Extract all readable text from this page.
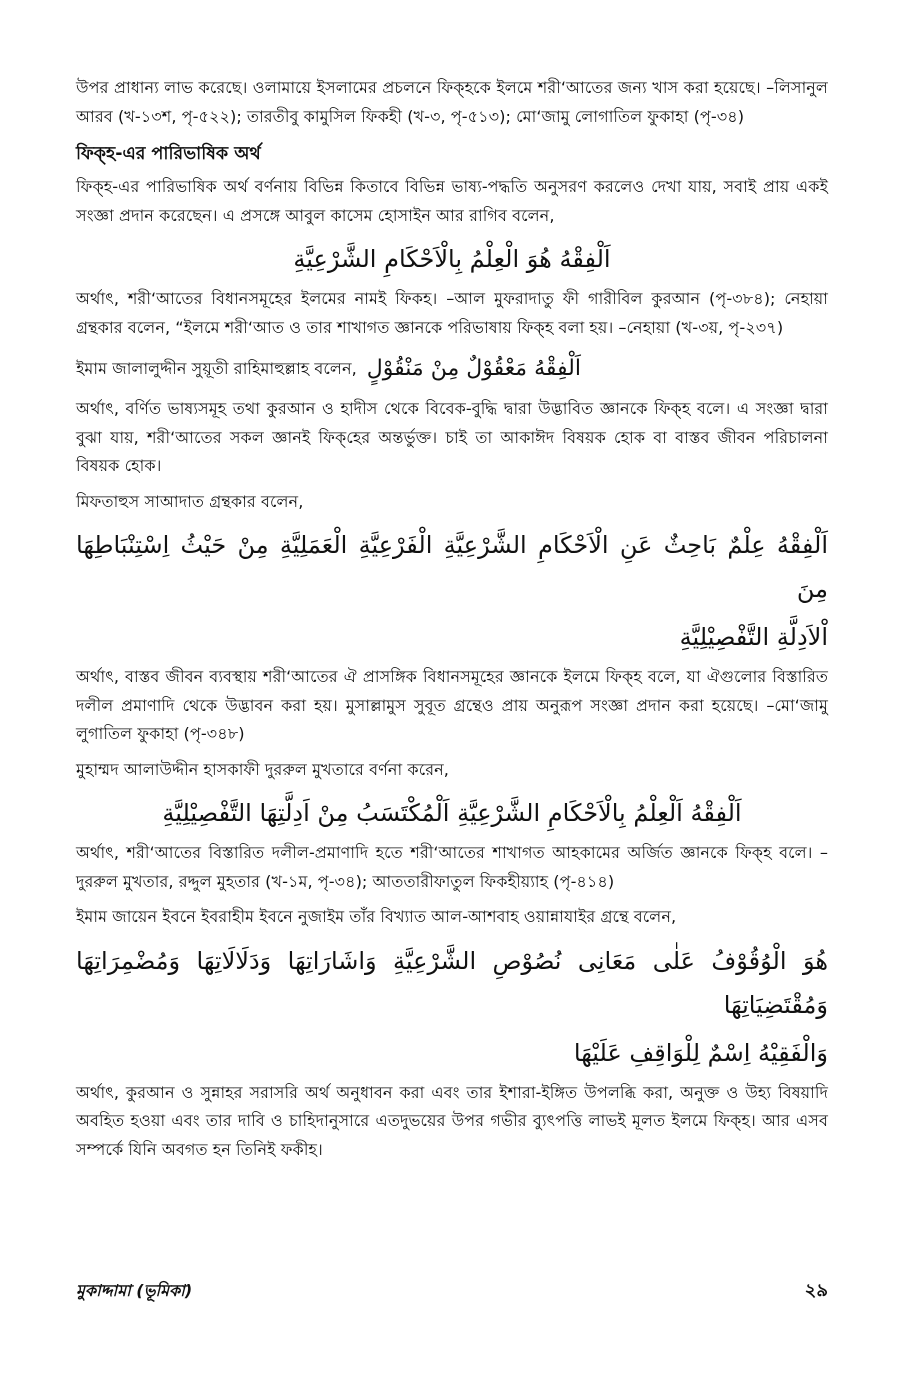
উপর প্রাধান্য লাভ করেছে। ওলামায়ে ইসলামের প্রচলনে ফিক্‌হকে ইলমে শরী‘আতের জন্য খাস করা হয়েছে। –লিসানুল আরব (খ-১৩শ, পৃ-৫২২); তারতীবু কামুসিল ফিকহী (খ-৩, পৃ-৫১৩); মো‘জামু লোগাতিল ফুকাহা (পৃ-৩৪)

ফিক্‌হ-এর পারিভাষিক অর্থ

ফিক্‌হ-এর পারিভাষিক অর্থ বর্ণনায় বিভিন্ন কিতাবে বিভিন্ন ভাষ্য-পদ্ধতি অনুসরণ করলেও দেখা যায়, সবাই প্রায় একই সংজ্ঞা প্রদান করেছেন। এ প্রসঙ্গে আবুল কাসেম হোসাইন আর রাগিব বলেন,

اَلْفِقْهُ هُوَ الْعِلْمُ بِالْاَحْكَامِ الشَّرْعِيَّةِ

অর্থাৎ, শরী‘আতের বিধানসমূহের ইলমের নামই ফিকহ। –আল মুফরাদাতু ফী গারীবিল কুরআন (পৃ-৩৮৪); নেহায়া গ্রন্থকার বলেন, “ইলমে শরী‘আত ও তার শাখাগত জ্ঞানকে পরিভাষায় ফিক্‌হ বলা হয়। –নেহায়া (খ-৩য়, পৃ-২৩৭)

ইমাম জালালুদ্দীন সুয়ূতী রাহিমাহুল্লাহ বলেন, اَلْفِقْهُ مَعْقُوْلٌ مِنْ مَنْقُوْلٍ

অর্থাৎ, বর্ণিত ভাষ্যসমূহ তথা কুরআন ও হাদীস থেকে বিবেক-বুদ্ধি দ্বারা উদ্ভাবিত জ্ঞানকে ফিক্‌হ বলে। এ সংজ্ঞা দ্বারা বুঝা যায়, শরী‘আতের সকল জ্ঞানই ফিক্‌হের অন্তর্ভুক্ত। চাই তা আকাঈদ বিষয়ক হোক বা বাস্তব জীবন পরিচালনা বিষয়ক হোক।

মিফতাহুস সাআদাত গ্রন্থকার বলেন,

اَلْفِقْهُ عِلْمٌ بَاحِثٌ عَنِ الْاَحْكَامِ الشَّرْعِيَّةِ الْفَرْعِيَّةِ الْعَمَلِيَّةِ مِنْ حَيْثُ اِسْتِنْبَاطِهَا مِنَ
اْلاَدِلَّةِ التَّفْصِيْلِيَّةِ

অর্থাৎ, বাস্তব জীবন ব্যবস্থায় শরী‘আতের ঐ প্রাসঙ্গিক বিধানসমূহের জ্ঞানকে ইলমে ফিক্‌হ বলে, যা ঐগুলোর বিস্তারিত দলীল প্রমাণাদি থেকে উদ্ভাবন করা হয়। মুসাল্লামুস সুবূত গ্রন্থেও প্রায় অনুরূপ সংজ্ঞা প্রদান করা হয়েছে। –মো‘জামু লুগাতিল ফুকাহা (পৃ-৩৪৮)

মুহাম্মদ আলাউদ্দীন হাসকাফী দুররুল মুখতারে বর্ণনা করেন,

اَلْفِقْهُ اَلْعِلْمُ بِالْاَحْكَامِ الشَّرْعِيَّةِ اَلْمُكْتَسَبُ مِنْ اَدِلَّتِهَا التَّفْصِيْلِيَّةِ

অর্থাৎ, শরী‘আতের বিস্তারিত দলীল-প্রমাণাদি হতে শরী‘আতের শাখাগত আহকামের অর্জিত জ্ঞানকে ফিক্‌হ বলে। –দুররুল মুখতার, রদ্দুল মুহতার (খ-১ম, পৃ-৩৪); আততারীফাতুল ফিকহীয়্যাহ (পৃ-৪১৪)

ইমাম জায়েন ইবনে ইবরাহীম ইবনে নুজাইম তাঁর বিখ্যাত আল-আশবাহ ওয়ান্নাযাইর গ্রন্থে বলেন,

هُوَ الْوُقُوْفُ عَلٰى مَعَانِى نُصُوْصِ الشَّرْعِيَّةِ وَاشَارَاتِهَا وَدَلَالَاتِهَا وَمُضْمِرَاتِهَا وَمُقْتَضِيَاتِهَا
وَالْفَقِيْهُ اِسْمٌ لِلْوَاقِفِ عَلَيْهَا

অর্থাৎ, কুরআন ও সুন্নাহর সরাসরি অর্থ অনুধাবন করা এবং তার ইশারা-ইঙ্গিত উপলব্ধি করা, অনুক্ত ও উহ্য বিষয়াদি অবহিত হওয়া এবং তার দাবি ও চাহিদানুসারে এতদুভয়ের উপর গভীর ব্যুৎপত্তি লাভই মূলত ইলমে ফিক্‌হ। আর এসব সম্পর্কে যিনি অবগত হন তিনিই ফকীহ।

মুকাদ্দামা (ভূমিকা)	২৯
